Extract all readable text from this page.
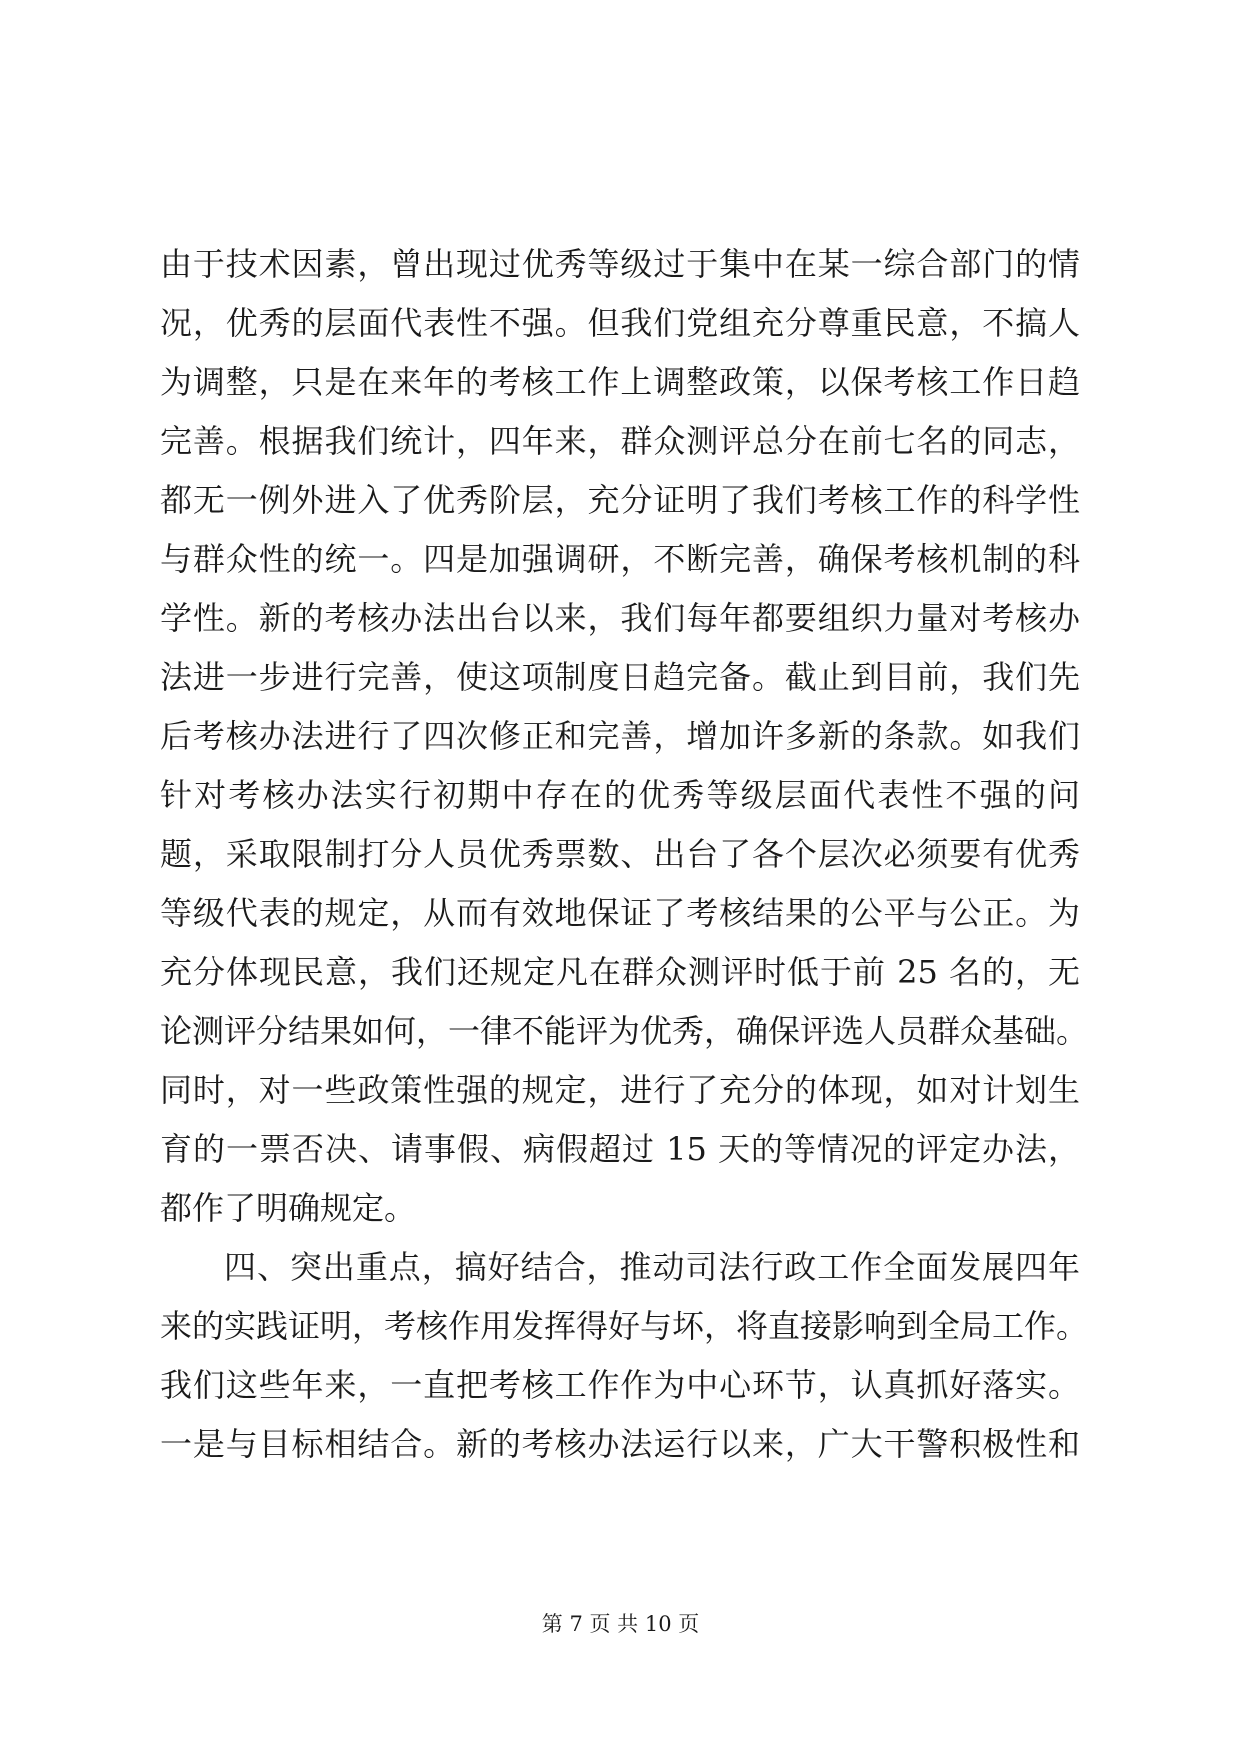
由于技术因素，曾出现过优秀等级过于集中在某一综合部门的情
况，优秀的层面代表性不强。但我们党组充分尊重民意，不搞人
为调整，只是在来年的考核工作上调整政策，以保考核工作日趋
完善。根据我们统计，四年来，群众测评总分在前七名的同志，
都无一例外进入了优秀阶层，充分证明了我们考核工作的科学性
与群众性的统一。四是加强调研，不断完善，确保考核机制的科
学性。新的考核办法出台以来，我们每年都要组织力量对考核办
法进一步进行完善，使这项制度日趋完备。截止到目前，我们先
后考核办法进行了四次修正和完善，增加许多新的条款。如我们
针对考核办法实行初期中存在的优秀等级层面代表性不强的问
题，采取限制打分人员优秀票数、出台了各个层次必须要有优秀
等级代表的规定，从而有效地保证了考核结果的公平与公正。为
充分体现民意，我们还规定凡在群众测评时低于前 25 名的，无
论测评分结果如何，一律不能评为优秀，确保评选人员群众基础。
同时，对一些政策性强的规定，进行了充分的体现，如对计划生
育的一票否决、请事假、病假超过 15 天的等情况的评定办法，
都作了明确规定。
四、突出重点，搞好结合，推动司法行政工作全面发展四年
来的实践证明，考核作用发挥得好与坏，将直接影响到全局工作。
我们这些年来，一直把考核工作作为中心环节，认真抓好落实。
一是与目标相结合。新的考核办法运行以来，广大干警积极性和
第 7 页 共 10 页
